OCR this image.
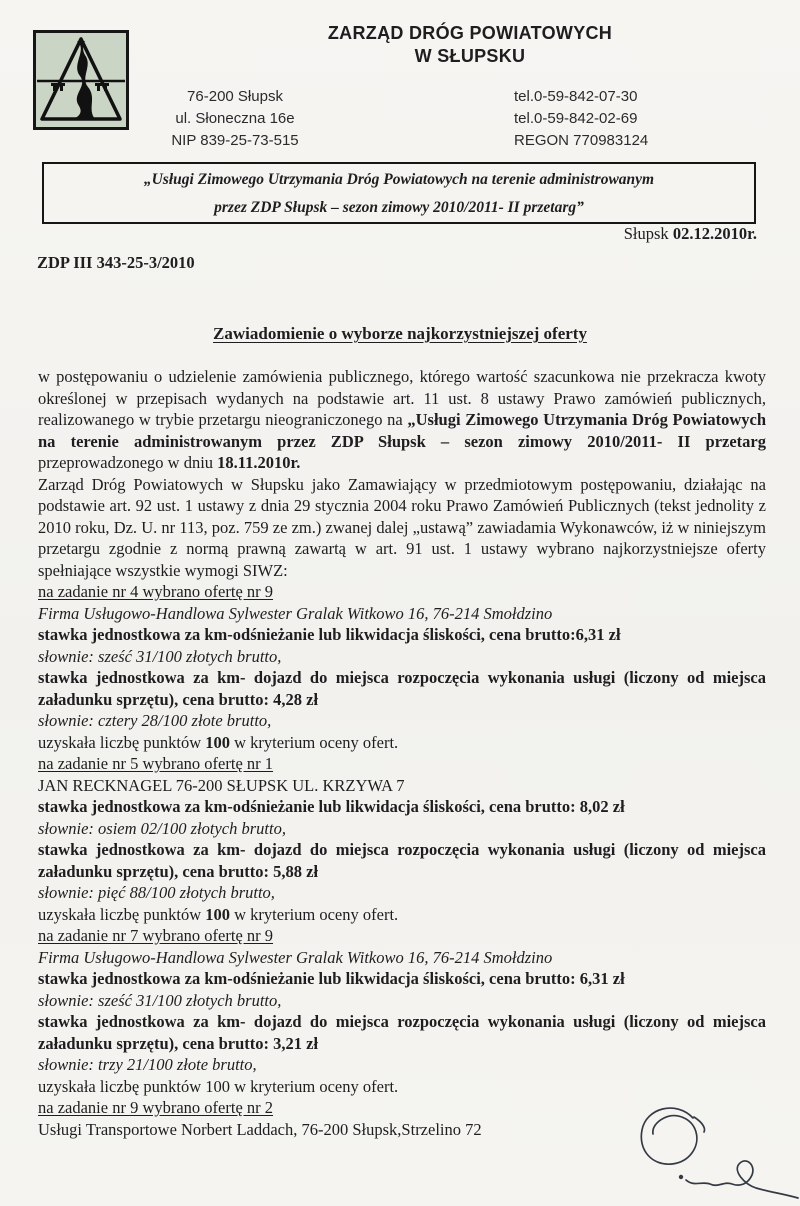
ZARZĄD DRÓG POWIATOWYCH
W SŁUPSKU

76-200 Słupsk

ul. Słoneczna 16e

NIP 839-25-73-515

tel.0-59-842-07-30

tel.0-59-842-02-69

REGON 770983124

„Usługi Zimowego Utrzymania Dróg Powiatowych na terenie administrowanym

przez ZDP Słupsk – sezon zimowy 2010/2011- II przetarg”

Słupsk 02.12.2010r.
ZDP III 343-25-3/2010
Zawiadomienie o wyborze najkorzystniejszej oferty

w postępowaniu o udzielenie zamówienia publicznego, którego wartość szacunkowa nie przekracza kwoty określonej w przepisach wydanych na podstawie art. 11 ust. 8 ustawy Prawo zamówień publicznych, realizowanego w trybie przetargu nieograniczonego na „Usługi Zimowego Utrzymania Dróg Powiatowych na terenie administrowanym przez ZDP Słupsk – sezon zimowy 2010/2011- II przetarg przeprowadzonego w dniu 18.11.2010r.

Zarząd Dróg Powiatowych w Słupsku jako Zamawiający w przedmiotowym postępowaniu, działając na podstawie art. 92 ust. 1 ustawy z dnia 29 stycznia 2004 roku Prawo Zamówień Publicznych (tekst jednolity z 2010 roku, Dz. U. nr 113, poz. 759 ze zm.) zwanej dalej „ustawą” zawiadamia Wykonawców, iż w niniejszym przetargu zgodnie z normą prawną zawartą w art. 91 ust. 1 ustawy wybrano najkorzystniejsze oferty spełniające wszystkie wymogi SIWZ:

na zadanie nr 4 wybrano ofertę nr 9

Firma Usługowo-Handlowa Sylwester Gralak Witkowo 16, 76-214 Smołdzino

stawka jednostkowa za km-odśnieżanie lub likwidacja śliskości, cena brutto:6,31 zł

słownie: sześć 31/100 złotych brutto,

stawka jednostkowa za km- dojazd do miejsca rozpoczęcia wykonania usługi (liczony od miejsca załadunku sprzętu), cena brutto: 4,28 zł

słownie: cztery 28/100 złote brutto,

uzyskała liczbę punktów 100 w kryterium oceny ofert.

na zadanie nr 5 wybrano ofertę nr 1

JAN RECKNAGEL 76-200 SŁUPSK UL. KRZYWA 7

stawka jednostkowa za km-odśnieżanie lub likwidacja śliskości, cena brutto: 8,02 zł

słownie: osiem 02/100 złotych brutto,

stawka jednostkowa za km- dojazd do miejsca rozpoczęcia wykonania usługi (liczony od miejsca załadunku sprzętu), cena brutto: 5,88 zł

słownie: pięć 88/100 złotych brutto,

uzyskała liczbę punktów 100 w kryterium oceny ofert.

na zadanie nr 7 wybrano ofertę nr 9

Firma Usługowo-Handlowa Sylwester Gralak Witkowo 16, 76-214 Smołdzino

stawka jednostkowa za km-odśnieżanie lub likwidacja śliskości, cena brutto: 6,31 zł

słownie: sześć 31/100 złotych brutto,

stawka jednostkowa za km- dojazd do miejsca rozpoczęcia wykonania usługi (liczony od miejsca załadunku sprzętu), cena brutto: 3,21 zł

słownie: trzy 21/100 złote brutto,

uzyskała liczbę punktów 100 w kryterium oceny ofert.

na zadanie nr 9 wybrano ofertę nr 2

Usługi Transportowe Norbert Laddach, 76-200 Słupsk,Strzelino 72
